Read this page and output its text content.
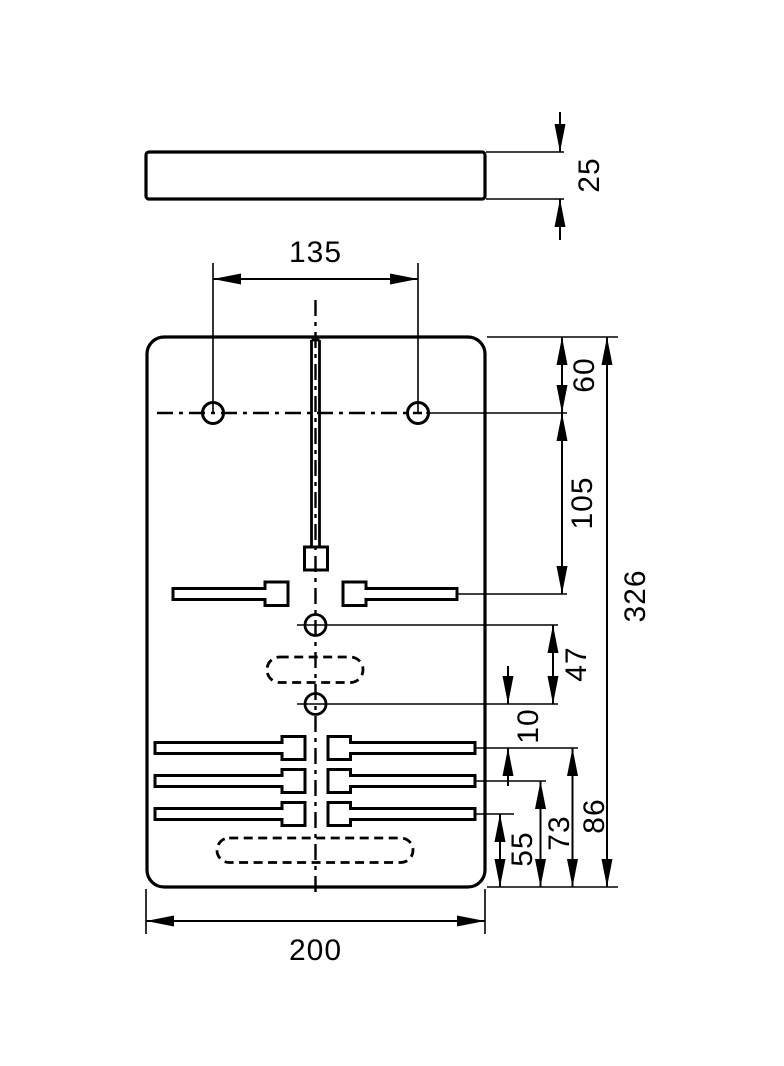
25
135
60
105
326
47
10
86
73
55
200
